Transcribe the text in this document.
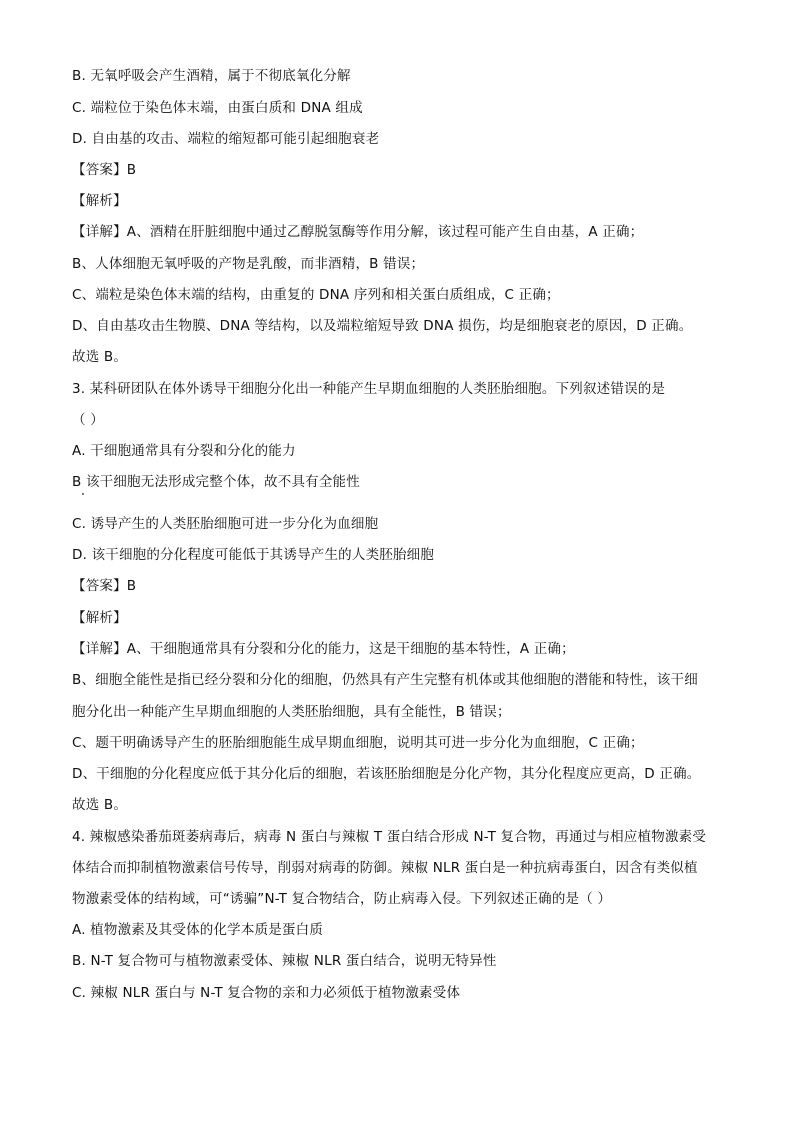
B. 无氧呼吸会产生酒精，属于不彻底氧化分解
C. 端粒位于染色体末端，由蛋白质和 DNA 组成
D. 自由基的攻击、端粒的缩短都可能引起细胞衰老
【答案】B
【解析】
【详解】A、酒精在肝脏细胞中通过乙醇脱氢酶等作用分解，该过程可能产生自由基，A 正确；
B、人体细胞无氧呼吸的产物是乳酸，而非酒精，B 错误；
C、端粒是染色体末端的结构，由重复的 DNA 序列和相关蛋白质组成，C 正确；
D、自由基攻击生物膜、DNA 等结构，以及端粒缩短导致 DNA 损伤，均是细胞衰老的原因，D 正确。
故选 B。
3. 某科研团队在体外诱导干细胞分化出一种能产生早期血细胞的人类胚胎细胞。下列叙述错误的是
（ ）
A. 干细胞通常具有分裂和分化的能力
B 该干细胞无法形成完整个体，故不具有全能性
C. 诱导产生的人类胚胎细胞可进一步分化为血细胞
D. 该干细胞的分化程度可能低于其诱导产生的人类胚胎细胞
【答案】B
【解析】
【详解】A、干细胞通常具有分裂和分化的能力，这是干细胞的基本特性，A 正确；
B、细胞全能性是指已经分裂和分化的细胞，仍然具有产生完整有机体或其他细胞的潜能和特性，该干细
胞分化出一种能产生早期血细胞的人类胚胎细胞，具有全能性，B 错误；
C、题干明确诱导产生的胚胎细胞能生成早期血细胞，说明其可进一步分化为血细胞，C 正确；
D、干细胞的分化程度应低于其分化后的细胞，若该胚胎细胞是分化产物，其分化程度应更高，D 正确。
故选 B。
4. 辣椒感染番茄斑萎病毒后，病毒 N 蛋白与辣椒 T 蛋白结合形成 N-T 复合物，再通过与相应植物激素受
体结合而抑制植物激素信号传导，削弱对病毒的防御。辣椒 NLR 蛋白是一种抗病毒蛋白，因含有类似植
物激素受体的结构域，可“诱骗”N-T 复合物结合，防止病毒入侵。下列叙述正确的是（ ）
A. 植物激素及其受体的化学本质是蛋白质
B. N-T 复合物可与植物激素受体、辣椒 NLR 蛋白结合，说明无特异性
C. 辣椒 NLR 蛋白与 N-T 复合物的亲和力必须低于植物激素受体
